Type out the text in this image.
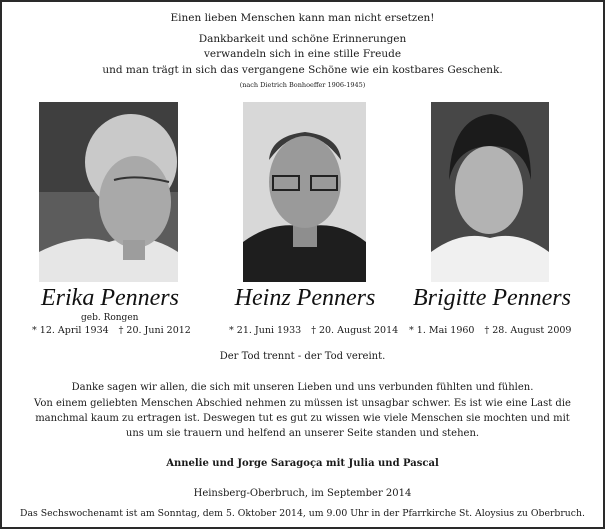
Einen lieben Menschen kann man nicht ersetzen!
Dankbarkeit und schöne Erinnerungen
verwandeln sich in eine stille Freude
und man trägt in sich das vergangene Schöne wie ein kostbares Geschenk.
(nach Dietrich Bonhoeffer 1906-1945)
Erika Penners	Heinz Penners	Brigitte Penners
geb. Rongen
* 12. April 1934 † 20. Juni 2012	* 21. Juni 1933 † 20. August 2014 * 1. Mai 1960 † 28. August 2009
Der Tod trennt - der Tod vereint.
Danke sagen wir allen, die sich mit unseren Lieben und uns verbunden fühlten und fühlen.
Von einem geliebten Menschen Abschied nehmen zu müssen ist unsagbar schwer. Es ist wie eine Last die
manchmal kaum zu ertragen ist. Deswegen tut es gut zu wissen wie viele Menschen sie mochten und mit
uns um sie trauern und helfend an unserer Seite standen und stehen.
Annelie und Jorge Saragoça mit Julia und Pascal
Heinsberg-Oberbruch, im September 2014
Das Sechswochenamt ist am Sonntag, dem 5. Oktober 2014, um 9.00 Uhr in der Pfarrkirche St. Aloysius zu Oberbruch.
